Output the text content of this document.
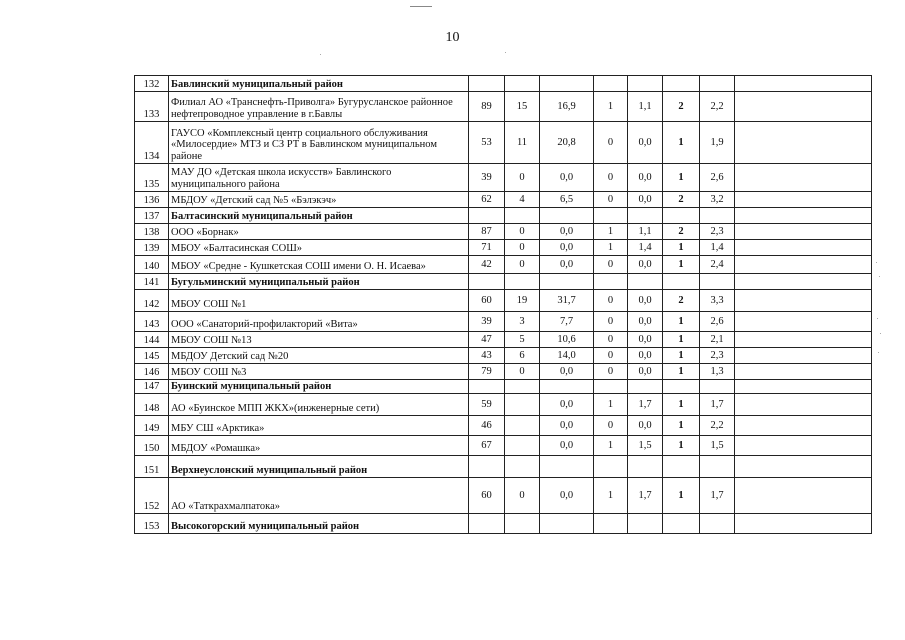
10
132	Бавлинский муниципальный район								
133	Филиал АО «Транснефть-Приволга» Бугурусланское районное нефтепроводное управление в г.Бавлы	89	15	16,9	1	1,1	2	2,2	
134	ГАУСО «Комплексный центр социального обслуживания «Милосердие» МТЗ и СЗ РТ в Бавлинском муниципальном районе	53	11	20,8	0	0,0	1	1,9	
135	МАУ ДО «Детская школа искусств» Бавлинского муниципального района	39	0	0,0	0	0,0	1	2,6	
136	МБДОУ «Детский сад №5 «Бэлэкэч»	62	4	6,5	0	0,0	2	3,2	
137	Балтасинский муниципальный район								
138	ООО «Борнак»	87	0	0,0	1	1,1	2	2,3	
139	МБОУ «Балтасинская СОШ»	71	0	0,0	1	1,4	1	1,4	
140	МБОУ «Средне - Кушкетская СОШ имени О. Н. Исаева»	42	0	0,0	0	0,0	1	2,4	
141	Бугульминский муниципальный район								
142	МБОУ СОШ №1	60	19	31,7	0	0,0	2	3,3	
143	ООО «Санаторий-профилакторий «Вита»	39	3	7,7	0	0,0	1	2,6	
144	МБОУ СОШ №13	47	5	10,6	0	0,0	1	2,1	
145	МБДОУ Детский сад №20	43	6	14,0	0	0,0	1	2,3	
146	МБОУ СОШ №3	79	0	0,0	0	0,0	1	1,3	
147	Буинский муниципальный район								
148	АО «Буинское МПП ЖКХ»(инженерные сети)	59		0,0	1	1,7	1	1,7	
149	МБУ СШ «Арктика»	46		0,0	0	0,0	1	2,2	
150	МБДОУ «Ромашка»	67		0,0	1	1,5	1	1,5	
151	Верхнеуслонский муниципальный район								
152	АО «Таткрахмалпатока»	60	0	0,0	1	1,7	1	1,7	
153	Высокогорский муниципальный район								
